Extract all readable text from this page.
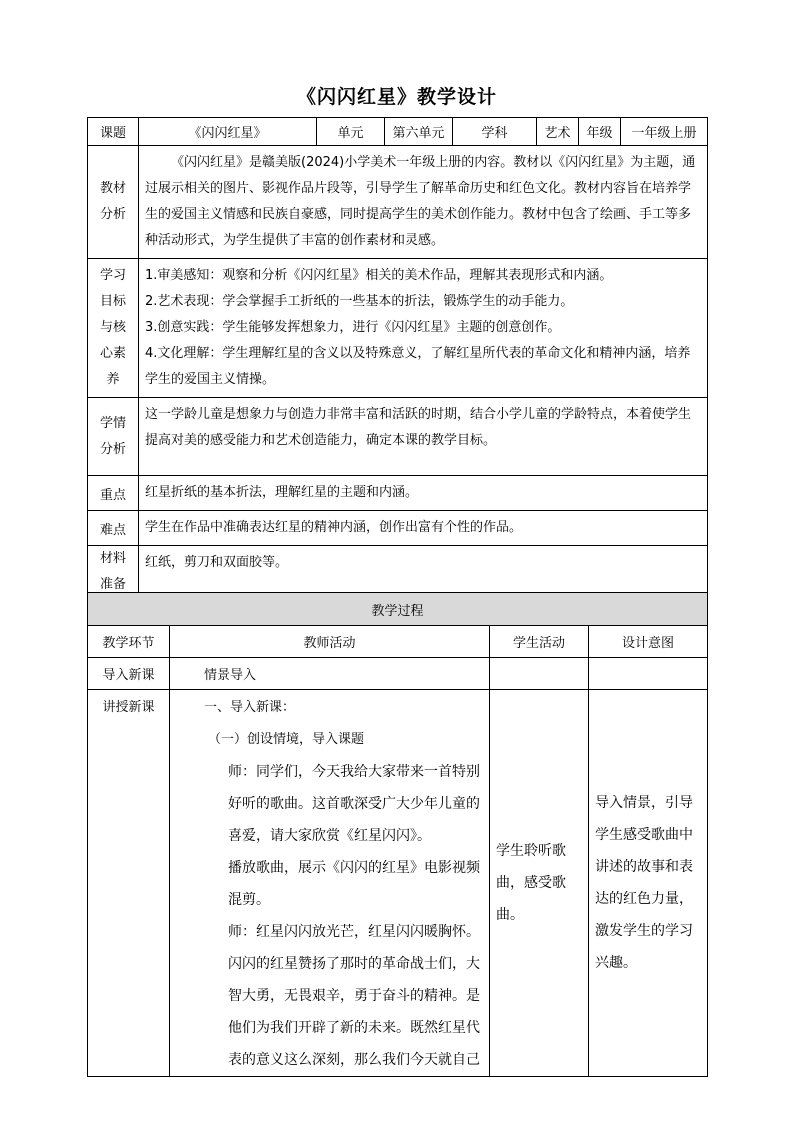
《闪闪红星》教学设计
课题	《闪闪红星》	单元	第六单元	学科	艺术	年级	一年级上册

教材分析	《闪闪红星》是赣美版(2024)小学美术一年级上册的内容。教材以《闪闪红星》为主题，通过展示相关的图片、影视作品片段等，引导学生了解革命历史和红色文化。教材内容旨在培养学生的爱国主义情感和民族自豪感，同时提高学生的美术创作能力。教材中包含了绘画、手工等多种活动形式，为学生提供了丰富的创作素材和灵感。						

学习目标与核心素养	1.审美感知：观察和分析《闪闪红星》相关的美术作品，理解其表现形式和内涵。
2.艺术表现：学会掌握手工折纸的一些基本的折法，锻炼学生的动手能力。
3.创意实践：学生能够发挥想象力，进行《闪闪红星》主题的创意创作。
4.文化理解：学生理解红星的含义以及特殊意义，了解红星所代表的革命文化和精神内涵，培养学生的爱国主义情操。						

学情分析	这一学龄儿童是想象力与创造力非常丰富和活跃的时期，结合小学儿童的学龄特点，本着使学生提高对美的感受能力和艺术创造能力，确定本课的教学目标。						
重点	红星折纸的基本折法，理解红星的主题和内涵。						
难点	学生在作品中准确表达红星的精神内涵，创作出富有个性的作品。						

材料准备	红纸，剪刀和双面胶等。						

教学过程			
教学环节	教师活动	学生活动	设计意图
导入新课	情景导入		
讲授新课	一、导入新课：

（一）创设情境，导入课题

师：同学们，今天我给大家带来一首特别好听的歌曲。这首歌深受广大少年儿童的喜爱，请大家欣赏《红星闪闪》。

播放歌曲，展示《闪闪的红星》电影视频混剪。

师：红星闪闪放光芒，红星闪闪暖胸怀。闪闪的红星赞扬了那时的革命战士们，大智大勇，无畏艰辛，勇于奋斗的精神。是他们为我们开辟了新的未来。既然红星代表的意义这么深刻，那么我们今天就自己	学生聆听歌曲，感受歌曲。	导入情景，引导学生感受歌曲中讲述的故事和表达的红色力量，激发学生的学习兴趣。
